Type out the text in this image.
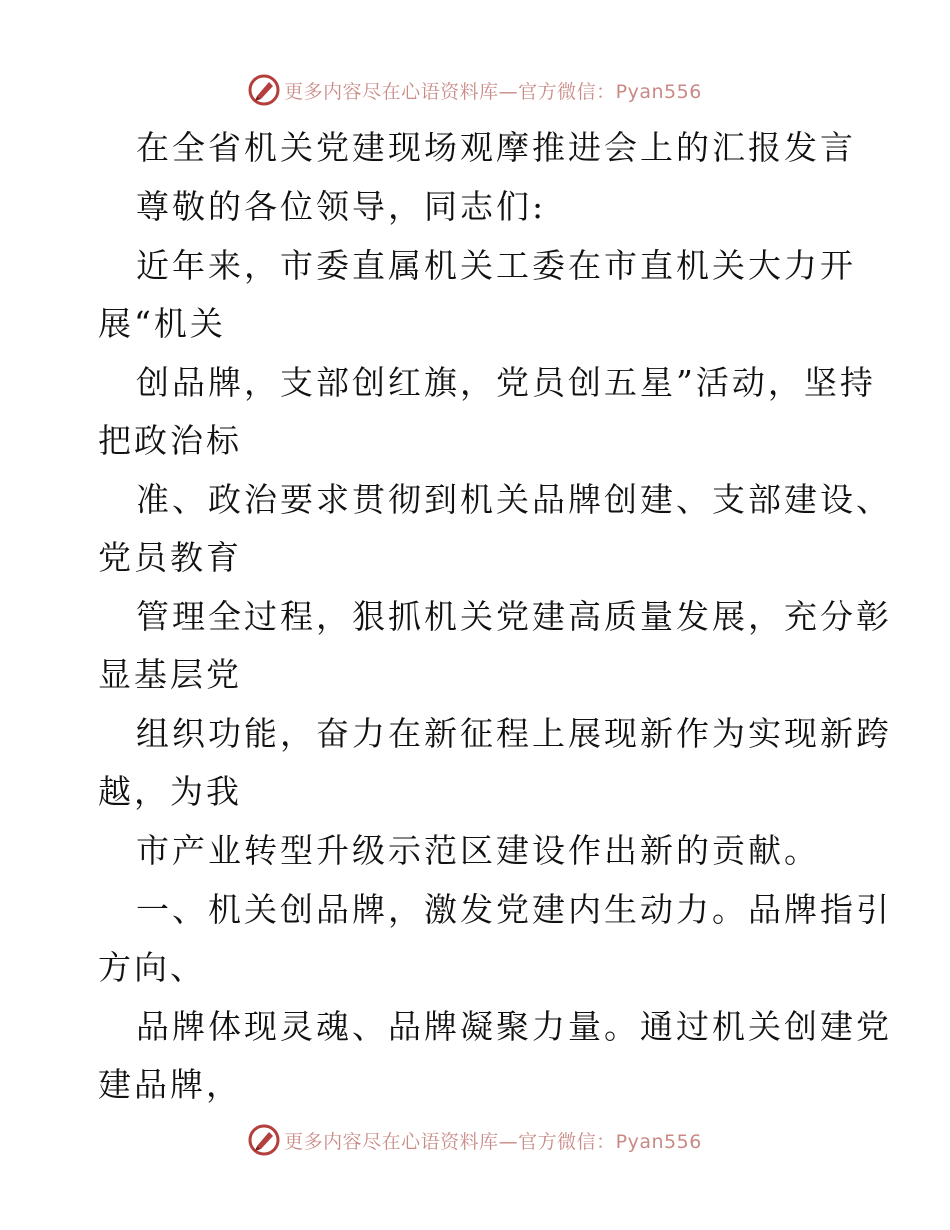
更多内容尽在心语资料库—官方微信：Pyan556
在全省机关党建现场观摩推进会上的汇报发言
尊敬的各位领导，同志们:
近年来，市委直属机关工委在市直机关大力开
展“机关
创品牌，支部创红旗，党员创五星”活动，坚持
把政治标
准、政治要求贯彻到机关品牌创建、支部建设、
党员教育
管理全过程，狠抓机关党建高质量发展，充分彰
显基层党
组织功能，奋力在新征程上展现新作为实现新跨
越，为我
市产业转型升级示范区建设作出新的贡献。
一、机关创品牌，激发党建内生动力。品牌指引
方向、
品牌体现灵魂、品牌凝聚力量。通过机关创建党
建品牌，
更多内容尽在心语资料库—官方微信：Pyan556
